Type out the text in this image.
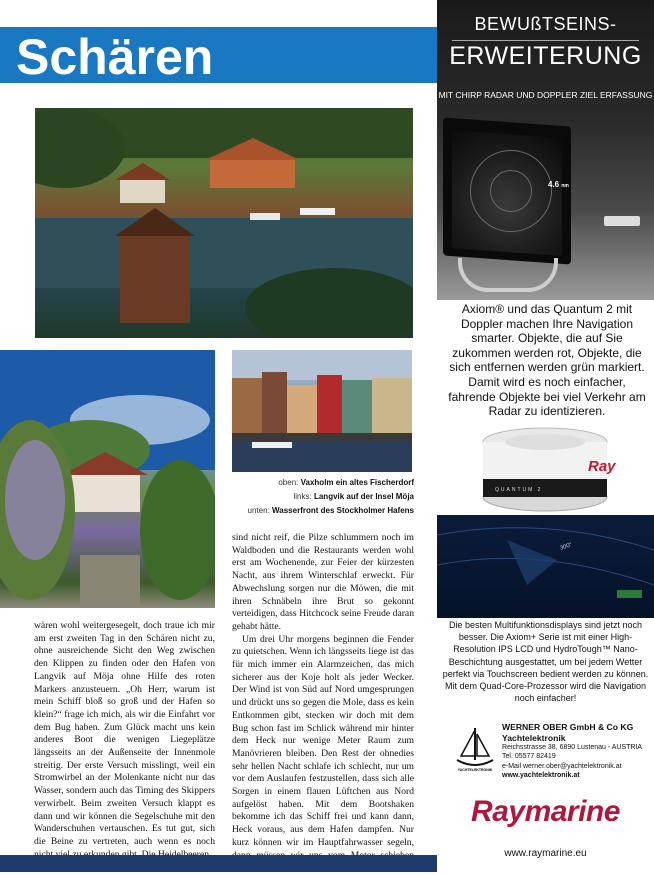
Schären
oben: Vaxholm ein altes Fischerdorf
links: Langvik auf der Insel Möja
unten: Wasserfront des Stockholmer Hafens

wären wohl weitergesegelt, doch traue ich mir am erst zweiten Tag in den Schären nicht zu, ohne ausreichende Sicht den Weg zwischen den Klippen zu finden oder den Hafen von Langvik auf Möja ohne Hilfe des roten Markers anzusteuern. „Oh Herr, warum ist mein Schiff bloß so groß und der Hafen so klein?“ frage ich mich, als wir die Einfahrt vor dem Bug haben. Zum Glück macht uns kein anderes Boot die wenigen Liegeplätze längsseits an der Außenseite der Innenmole streitig. Der erste Versuch misslingt, weil ein Stromwirbel an der Molenkante nicht nur das Wasser, sondern auch das Timing des Skippers verwirbelt. Beim zweiten Versuch klappt es dann und wir können die Segelschuhe mit den Wanderschuhen vertauschen. Es tut gut, sich die Beine zu vertreten, auch wenn es noch

sind nicht reif, die Pilze schlummern noch im Waldboden und die Restaurants werden wohl erst am Wochenende, zur Feier der kürzesten Nacht, aus ihrem Winterschlaf erweckt. Für Abwechslung sorgen nur die Möwen, die mit ihren Schnäbeln ihre Brut so gekonnt verteidigen, dass Hitchcock seine Freude daran gehabt hätte.

Um drei Uhr morgens beginnen die Fender zu quietschen. Wenn ich längsseits liege ist das für mich immer ein Alarmzeichen, das mich sicherer aus der Koje holt als jeder Wecker. Der Wind ist von Süd auf Nord umgesprungen und drückt uns so gegen die Mole, dass es kein Entkommen gibt, stecken wir doch mit dem Bug schon fast im Schlick während mir hinter dem Heck nur wenige Meter Raum zum Manövrieren bleiben. Den Rest der ohnedies sehr hellen Nacht schlafe ich schlecht, nur um vor dem Auslaufen festzustellen, dass sich alle Sorgen in einem flauen Lüftchen aus Nord aufgelöst haben. Mit dem Bootshaken bekomme ich das Schiff frei und kann dann, Heck voraus, aus dem Hafen dampfen. Nur kurz können wir im Hauptfahrwasser segeln,

BEWUßTSEINS-
ERWEITERUNG
MIT CHIRP RADAR UND DOPPLER ZIEL ERFASSUNG
4.6 nm
Axiom® und das Quantum 2 mit Doppler machen Ihre Navigation smarter. Objekte, die auf Sie zukommen werden rot, Objekte, die sich entfernen werden grün markiert. Damit wird es noch einfacher, fahrende Objekte bei viel Verkehr am Radar zu identizieren.
QUANTUM 2
Ray
300°
Die besten Multifunktionsdisplays sind jetzt noch besser. Die Axiom+ Serie ist mit einer High-Resolution IPS LCD und HydroTough™ Nano-Beschichtung ausgestattet, um bei jedem Wetter perfekt via Touchscreen bedient werden zu können. Mit dem Quad-Core-Prozessor wird die Navigation noch einfacher!
YACHTELEKTRONIK
WERNER OBER GmbH & Co KG
Yachtelektronik
Reichsstrasse 38, 6890 Lustenau - AUSTRIA
Tel. 05577 82419
e-Mail werner.ober@yachtelektronik.at
www.yachtelektronik.at
Raymarine
www.raymarine.eu
